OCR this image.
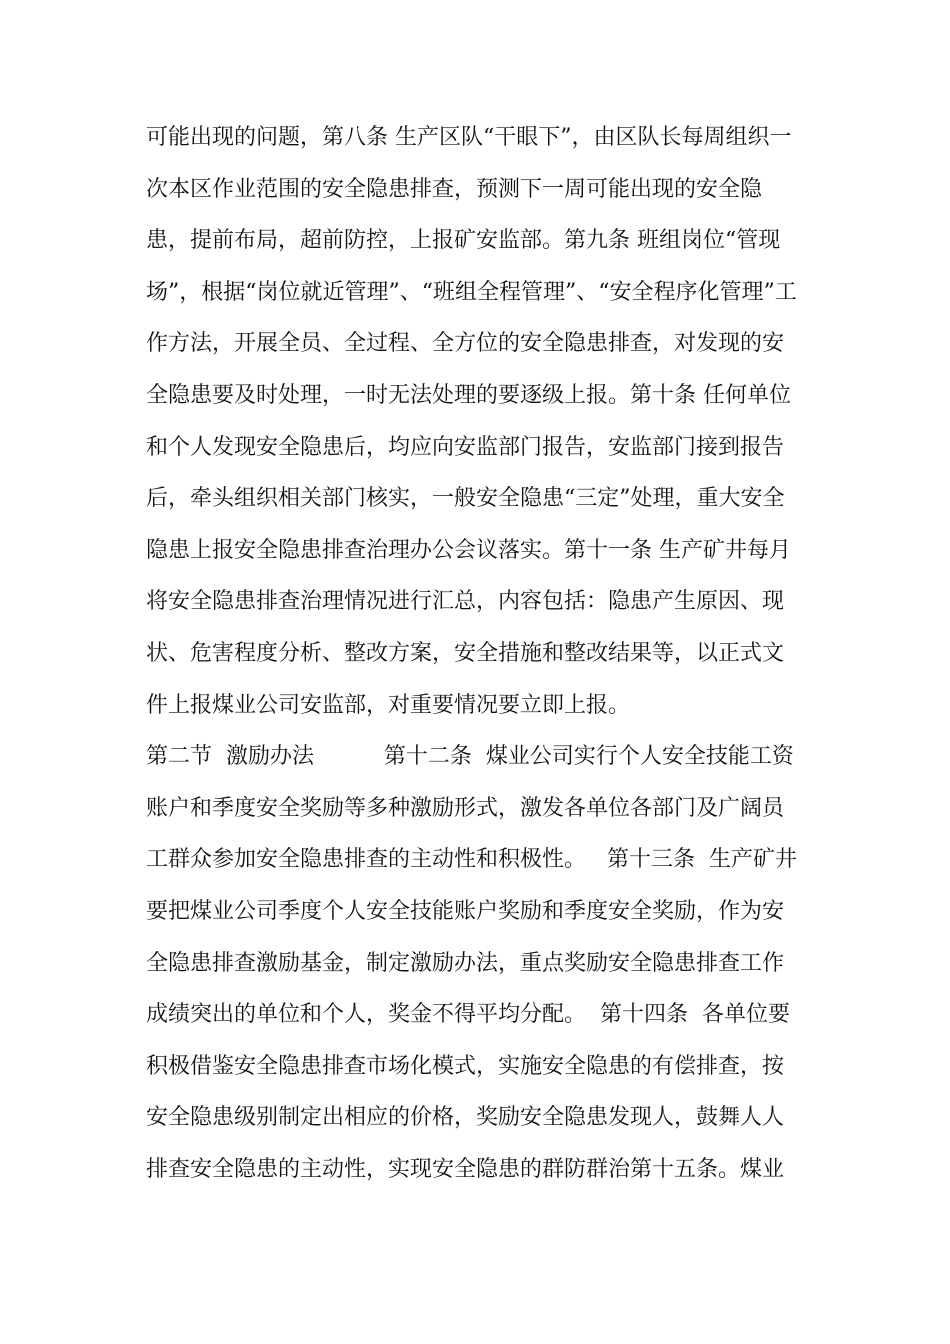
可能出现的问题，第八条 生产区队“干眼下”，由区队长每周组织一
次本区作业范围的安全隐患排查，预测下一周可能出现的安全隐
患，提前布局，超前防控，上报矿安监部。第九条 班组岗位“管现
场”，根据“岗位就近管理”、“班组全程管理”、“安全程序化管理”工
作方法，开展全员、全过程、全方位的安全隐患排查，对发现的安
全隐患要及时处理，一时无法处理的要逐级上报。第十条 任何单位
和个人发现安全隐患后，均应向安监部门报告，安监部门接到报告
后，牵头组织相关部门核实，一般安全隐患“三定”处理，重大安全
隐患上报安全隐患排查治理办公会议落实。第十一条 生产矿井每月
将安全隐患排查治理情况进行汇总，内容包括：隐患产生原因、现
状、危害程度分析、整改方案，安全措施和整改结果等，以正式文
件上报煤业公司安监部，对重要情况要立即上报。
第二节  激励办法          第十二条  煤业公司实行个人安全技能工资
账户和季度安全奖励等多种激励形式，激发各单位各部门及广阔员
工群众参加安全隐患排查的主动性和积极性。   第十三条  生产矿井
要把煤业公司季度个人安全技能账户奖励和季度安全奖励，作为安
全隐患排查激励基金，制定激励办法，重点奖励安全隐患排查工作
成绩突出的单位和个人，奖金不得平均分配。  第十四条  各单位要
积极借鉴安全隐患排查市场化模式，实施安全隐患的有偿排查，按
安全隐患级别制定出相应的价格，奖励安全隐患发现人，鼓舞人人
排查安全隐患的主动性，实现安全隐患的群防群治第十五条。煤业
